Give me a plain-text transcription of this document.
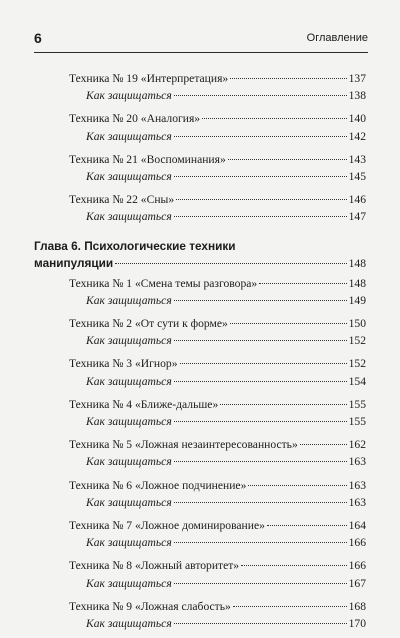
6	Оглавление
Техника № 19 «Интерпретация»	137
Как защищаться	138
Техника № 20 «Аналогия»	140
Как защищаться	142
Техника № 21 «Воспоминания»	143
Как защищаться	145
Техника № 22 «Сны»	146
Как защищаться	147
Глава 6. Психологические техники
манипуляции	148
Техника № 1 «Смена темы разговора»	148
Как защищаться	149
Техника № 2 «От сути к форме»	150
Как защищаться	152
Техника № 3 «Игнор»	152
Как защищаться	154
Техника № 4 «Ближе-дальше»	155
Как защищаться	155
Техника № 5 «Ложная незаинтересованность»	162
Как защищаться	163
Техника № 6 «Ложное подчинение»	163
Как защищаться	163
Техника № 7 «Ложное доминирование»	164
Как защищаться	166
Техника № 8 «Ложный авторитет»	166
Как защищаться	167
Техника № 9 «Ложная слабость»	168
Как защищаться	170
